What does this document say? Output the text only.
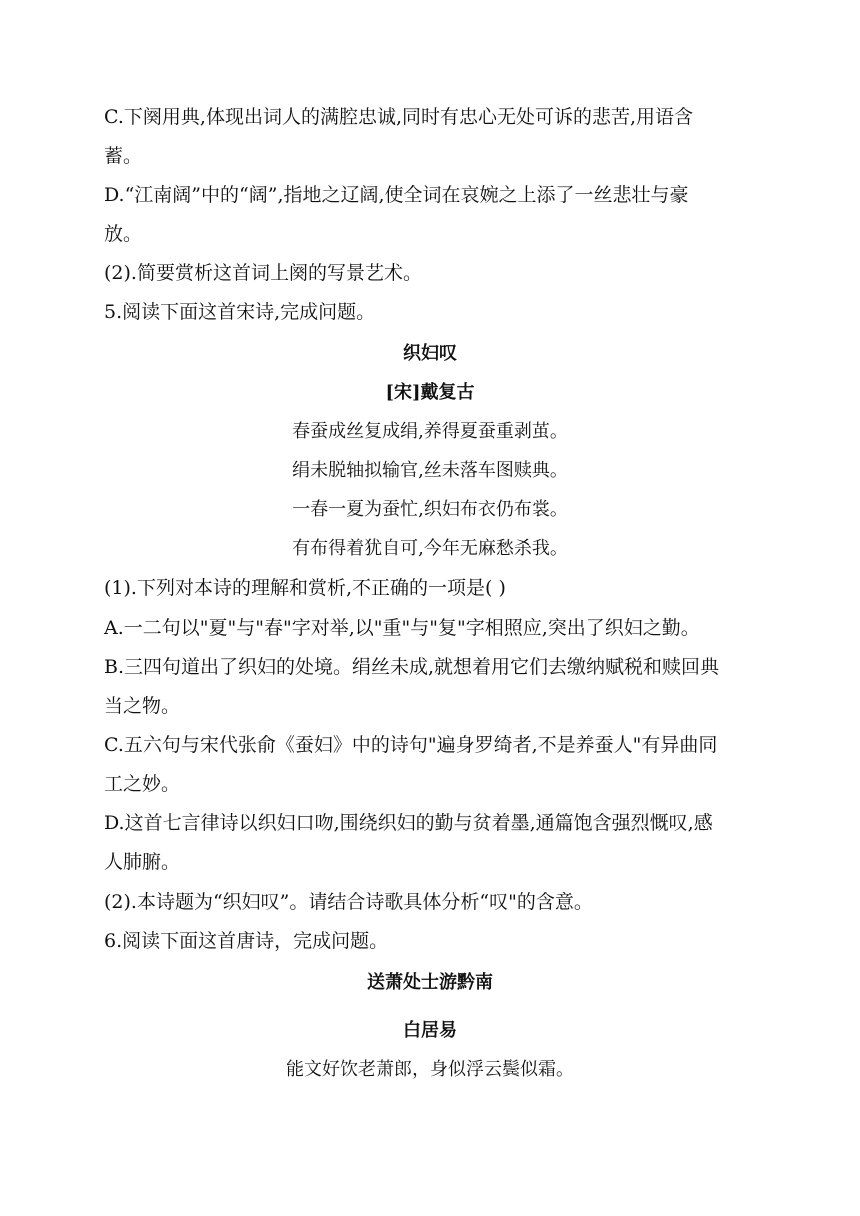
C.下阕用典,体现出词人的满腔忠诚,同时有忠心无处可诉的悲苦,用语含
蓄。
D.“江南阔”中的“阔”,指地之辽阔,使全词在哀婉之上添了一丝悲壮与豪
放。
(2).简要赏析这首词上阕的写景艺术。
5.阅读下面这首宋诗,完成问题。
织妇叹
[宋]戴复古
春蚕成丝复成绢,养得夏蚕重剥茧。
绢未脱轴拟输官,丝未落车图赎典。
一春一夏为蚕忙,织妇布衣仍布裳。
有布得着犹自可,今年无麻愁杀我。
(1).下列对本诗的理解和赏析,不正确的一项是( )
A.一二句以"夏"与"春"字对举,以"重"与"复"字相照应,突出了织妇之勤。
B.三四句道出了织妇的处境。绢丝未成,就想着用它们去缴纳赋税和赎回典
当之物。
C.五六句与宋代张俞《蚕妇》中的诗句"遍身罗绮者,不是养蚕人"有异曲同
工之妙。
D.这首七言律诗以织妇口吻,围绕织妇的勤与贫着墨,通篇饱含强烈慨叹,感
人肺腑。
(2).本诗题为“织妇叹”。请结合诗歌具体分析“叹"的含意。
6.阅读下面这首唐诗，完成问题。
送萧处士游黔南
白居易
能文好饮老萧郎，身似浮云鬓似霜。
